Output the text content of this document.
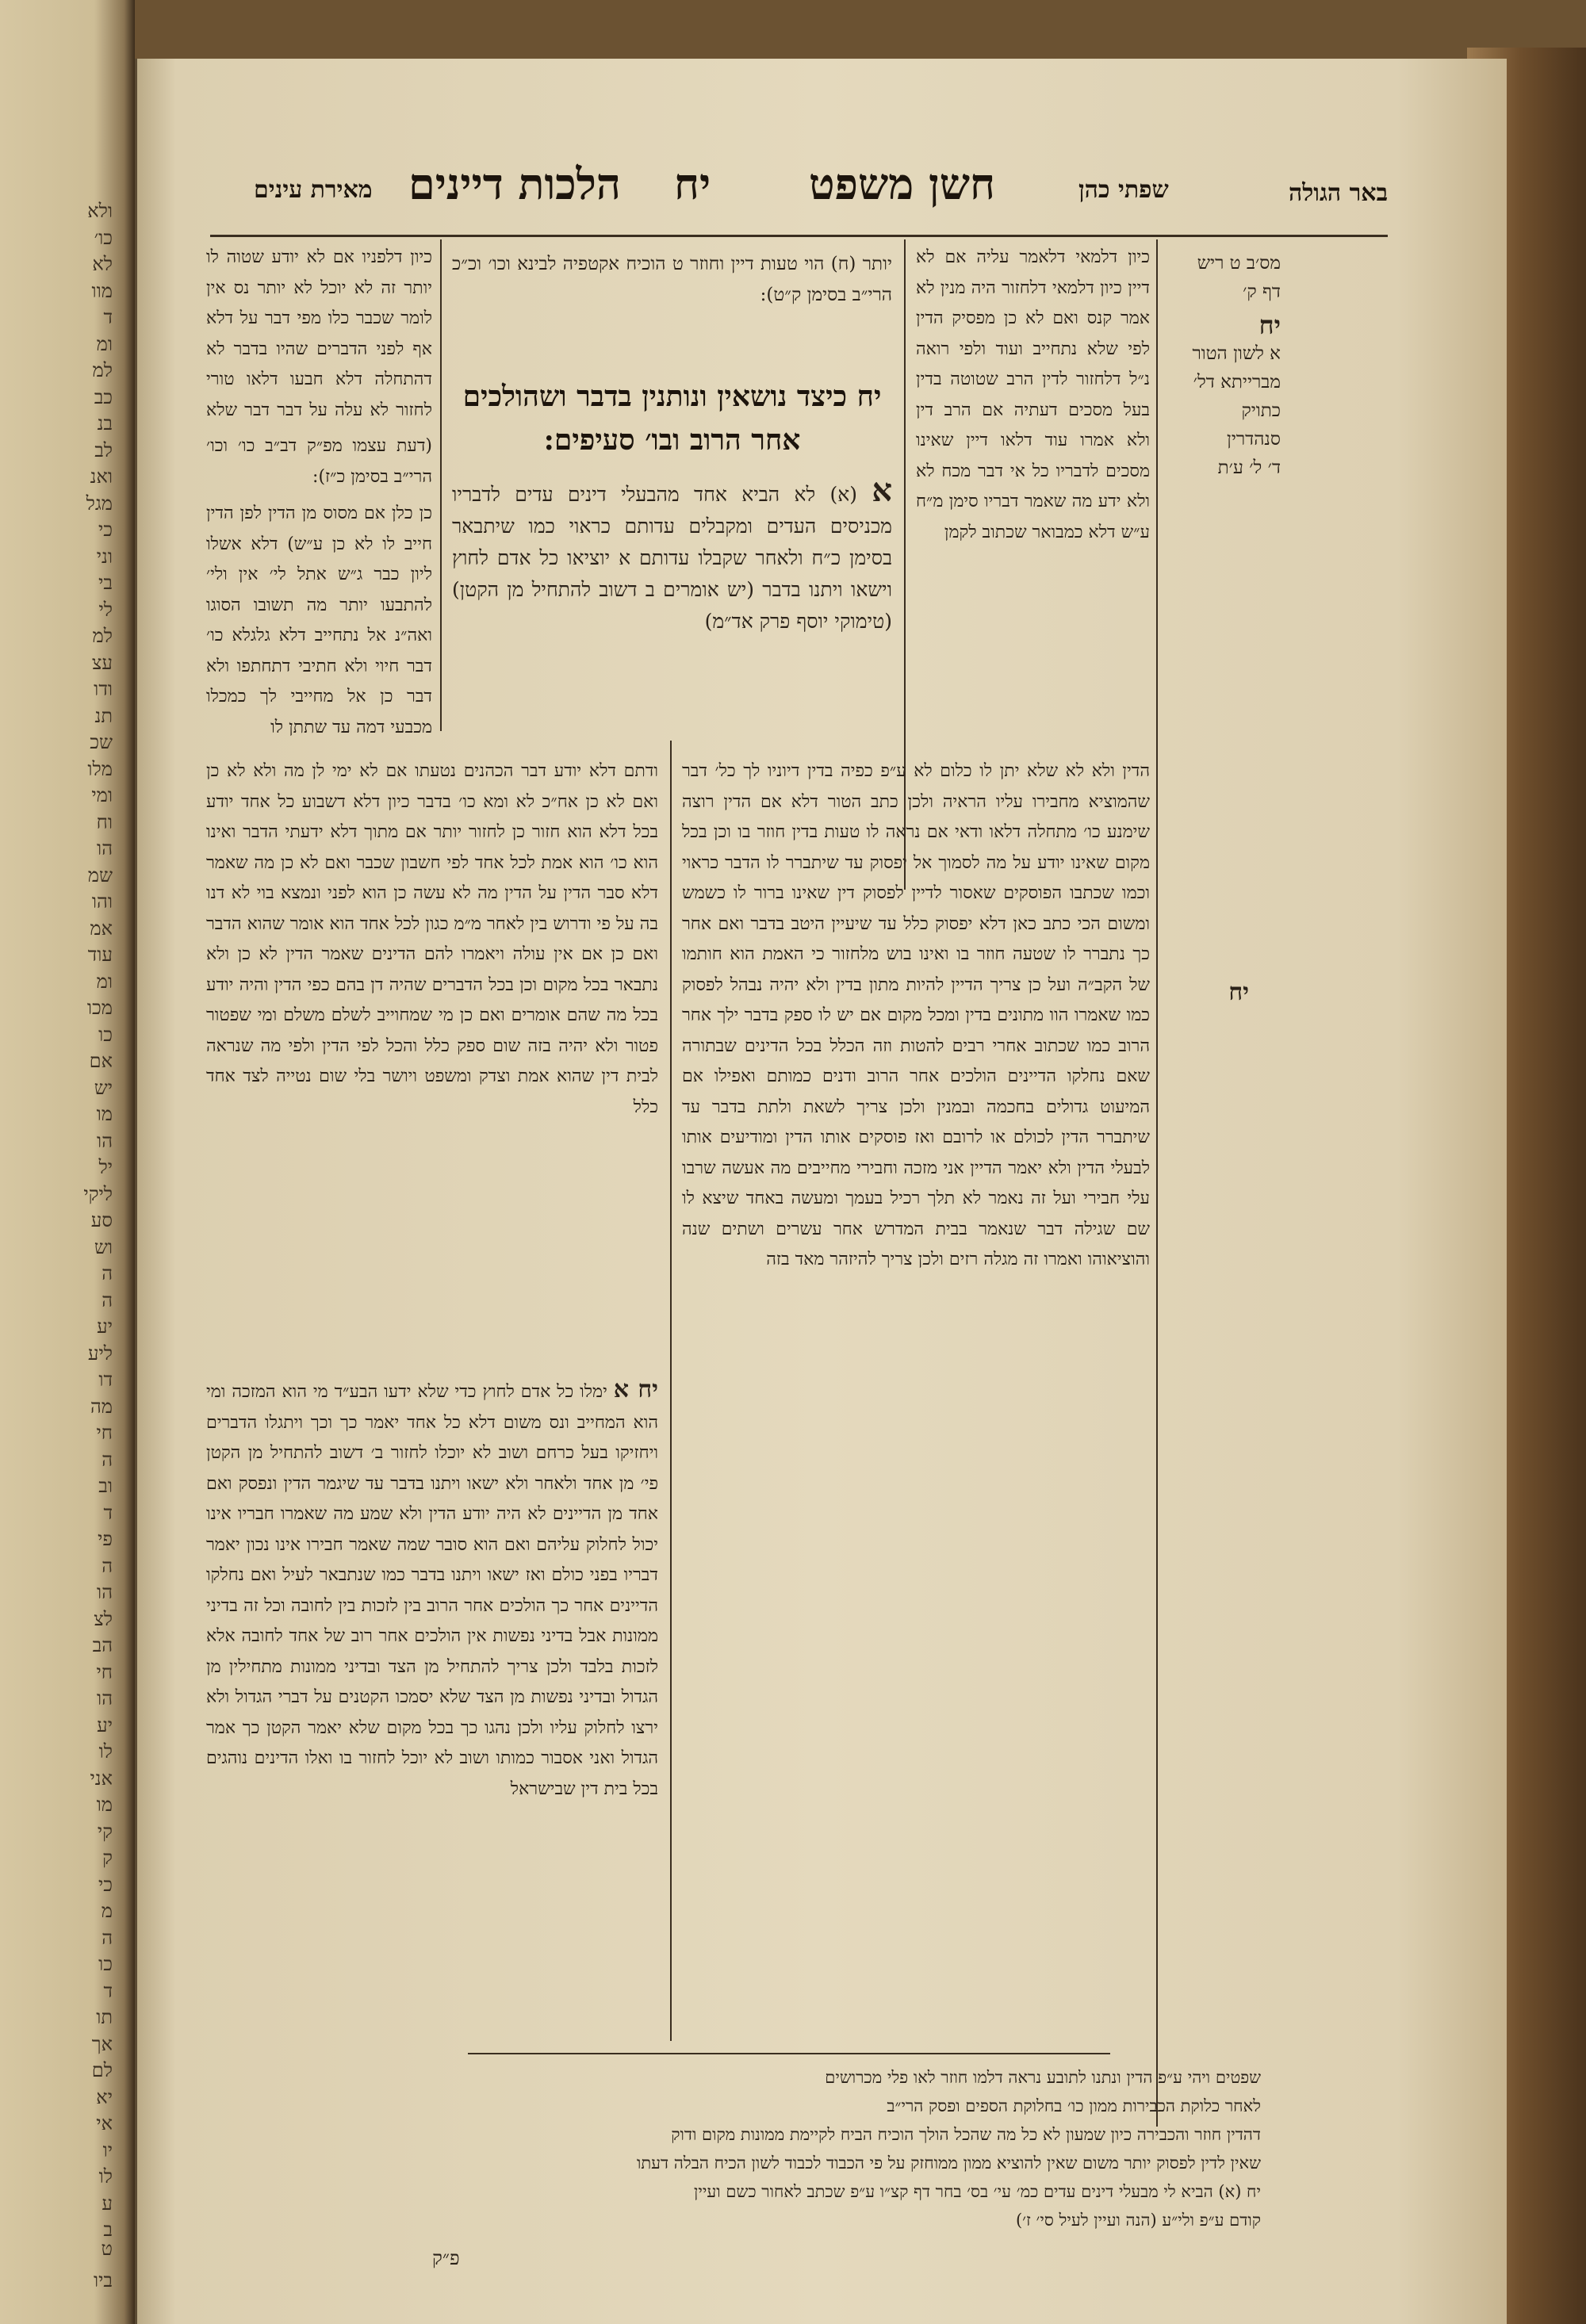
ולא
כו׳
לא
מוו
ד
ומ
למ
כב
בנ
לב
ואנ
מגל
כי
וני
בי
לי
למ
עצ
ודו
תנ
שכ
מלו
ומי
וח
הו
שמ
והו
אמ
עוד
ומ
מכו
כו
אם
יש
מו
הו
יל
ליקי
סע
וש
ה
ה
יע
ליע
דו
מה
חי
ה
וב
ד
פי
ה
הו
לצ
הב
חי
הו
יע
לו
אני
מו
קי
ק
כי
מ
ה
כו
ד
תו
אך
לם
יא
אי
יו
לו
ע
ב
ט
ביו
באר הגולה
שפתי כהן
חשן משפט
יח
הלכות דיינים
מאירת עינים
מס׳ב ט ריש
דף ק׳
יח
א לשון הטור
מברייתא דל׳
כתויק
סנהדרין
ד׳ ל׳ ע׳ת
יח
כיון דלמאי דלאמר עליה אם לא דיין כיון דלמאי דלחזור היה מנין לא אמר קנס ואם לא כן מפסיק הדין לפי שלא נתחייב ועוד ולפי רואה נ״ל דלחזור לדין הרב שטוטה בדין בעל מסכים דעתיה אם הרב דין ולא אמרו עוד דלאו דיין שאינו מסכים לדבריו כל אי דבר מכח לא ולא ידע מה שאמר דבריו סימן מ״ח ע״ש דלא כמבואר שכתוב לקמן
יותר (ח) הוי טעות דיין וחוזר ט הוכיח אקטפיה לבינא וכו׳ וכ״כ הרי״ב בסימן ק״ט):
יח כיצד נושאין ונותנין בדבר ושהולכים
אחר הרוב ובו׳ סעיפים:
א (א) לא הביא אחד מהבעלי דינים עדים לדבריו מכניסים העדים ומקבלים עדותם כראוי כמו שיתבאר בסימן כ״ח ולאחר שקבלו עדותם א יוציאו כל אדם לחוץ וישאו ויתנו בדבר (יש אומרים ב דשוב להתחיל מן הקטן) (טימוקי יוסף פרק אד״מ)
כיון דלפניו אם לא יודע שטוה לו יותר זה לא יוכל לא יותר נס אין לומר שכבר כלו מפי דבר על דלא אף לפני הדברים שהיו בדבר לא דהתחלה דלא חבעו דלאו טורי לחזור לא עלה על דבר דבר שלא
(דעת עצמו מפ״ק דב״ב כו׳ וכו׳ הרי״ב בסימן כ״ז):
כן כלן אם מסוס מן הדין לפן הדין חייב לו לא כן ע״ש) דלא אשלו ליון כבר ג״ש אתל לי׳ אין ולי׳ להתבעו יותר מה תשובו הסוגו ואה״נ אל נתחייב דלא גלגלא כו׳ דבר חיוי ולא חתיבי דתחתפו ולא דבר כן אל מחייבי לך כמכלו מכבעי דמה עד שתתן לו
הדין ולא לא שלא יתן לו כלום לא ע״פ כפיה בדין דיוניו לך כל׳ דבר שהמוציא מחבירו עליו הראיה ולכן כתב הטור דלא אם הדין רוצה שימנע כו׳ מתחלה דלאו ודאי אם נראה לו טעות בדין חוזר בו וכן בכל מקום שאינו יודע על מה לסמוך אל יפסוק עד שיתברר לו הדבר כראוי וכמו שכתבו הפוסקים שאסור לדיין לפסוק דין שאינו ברור לו כשמש ומשום הכי כתב כאן דלא יפסוק כלל עד שיעיין היטב בדבר ואם אחר כך נתברר לו שטעה חוזר בו ואינו בוש מלחזור כי האמת הוא חותמו של הקב״ה ועל כן צריך הדיין להיות מתון בדין ולא יהיה נבהל לפסוק כמו שאמרו הוו מתונים בדין ומכל מקום אם יש לו ספק בדבר ילך אחר הרוב כמו שכתוב אחרי רבים להטות וזה הכלל בכל הדינים שבתורה שאם נחלקו הדיינים הולכים אחר הרוב ודנים כמותם ואפילו אם המיעוט גדולים בחכמה ובמנין ולכן צריך לשאת ולתת בדבר עד שיתברר הדין לכולם או לרובם ואז פוסקים אותו הדין ומודיעים אותו לבעלי הדין ולא יאמר הדיין אני מזכה וחבירי מחייבים מה אעשה שרבו עלי חבירי ועל זה נאמר לא תלך רכיל בעמך ומעשה באחד שיצא לו שם שגילה דבר שנאמר בבית המדרש אחר עשרים ושתים שנה והוציאוהו ואמרו זה מגלה רזים ולכן צריך להיזהר מאד בזה
ודתם דלא יודע דבר הכהנים נטעתו אם לא ימי לן מה ולא לא כן ואם לא כן אח״כ לא ומא כו׳ בדבר כיון דלא דשבוע כל אחד יודע בכל דלא הוא חזור כן לחזור יותר אם מתוך דלא ידעתי הדבר ואינו הוא כו׳ הוא אמת לכל אחד לפי חשבון שכבר ואם לא כן מה שאמר דלא סבר הדין על הדין מה לא עשה כן הוא לפני ונמצא בוי לא דנו בה על פי ודרוש בין לאחר מ״מ כגון לכל אחד הוא אומר שהוא הדבר ואם כן אם אין עולה ויאמרו להם הדינים שאמר הדין לא כן ולא נתבאר בכל מקום וכן בכל הדברים שהיה דן בהם כפי הדין והיה יודע בכל מה שהם אומרים ואם כן מי שמחוייב לשלם משלם ומי שפטור פטור ולא יהיה בזה שום ספק כלל והכל לפי הדין ולפי מה שנראה לבית דין שהוא אמת וצדק ומשפט ויושר בלי שום נטייה לצד אחד כלל
יח א ימלו כל אדם לחוץ כדי שלא ידעו הבע״ד מי הוא המזכה ומי הוא המחייב ונס משום דלא כל אחד יאמר כך וכך ויתגלו הדברים ויחזיקו בעל כרחם ושוב לא יוכלו לחזור ב׳ דשוב להתחיל מן הקטן פי׳ מן אחד ולאחר ולא ישאו ויתנו בדבר עד שיגמר הדין ונפסק ואם אחד מן הדיינים לא היה יודע הדין ולא שמע מה שאמרו חבריו אינו יכול לחלוק עליהם ואם הוא סובר שמה שאמר חבירו אינו נכון יאמר דבריו בפני כולם ואז ישאו ויתנו בדבר כמו שנתבאר לעיל ואם נחלקו הדיינים אחר כך הולכים אחר הרוב בין לזכות בין לחובה וכל זה בדיני ממונות אבל בדיני נפשות אין הולכים אחר רוב של אחד לחובה אלא לזכות בלבד ולכן צריך להתחיל מן הצד ובדיני ממונות מתחילין מן הגדול ובדיני נפשות מן הצד שלא יסמכו הקטנים על דברי הגדול ולא ירצו לחלוק עליו ולכן נהגו כך בכל מקום שלא יאמר הקטן כך אמר הגדול ואני אסבור כמותו ושוב לא יוכל לחזור בו ואלו הדינים נוהגים בכל בית דין שבישראל
שפטים ויהי ע״פ הדין ונתנו לתובע נראה דלמו חוזר לאו פלי מכרושים
לאחר כלוקת הכבירות ממון כו׳ בחלוקת הספים ופסק הרי״ב
דהדין חוזר והכבירה כיון שמעון לא כל מה שהכל הולך הוכיח הביח לקיימת ממונות מקום ודוק
שאין לדין לפסוק יותר משום שאין להוציא ממון ממוחזק על פי הכבוד לכבוד לשון הכיח הבלה דעתו
יח (א) הביא לי מבעלי דינים עדים כמ׳ עי׳ בס׳ בחר דף קצ״ו ע״פ שכתב לאחור כשם ועיין
קודם ע״פ ולי״ע (הנה ועיין לעיל סי׳ ז׳)
פ״ק
